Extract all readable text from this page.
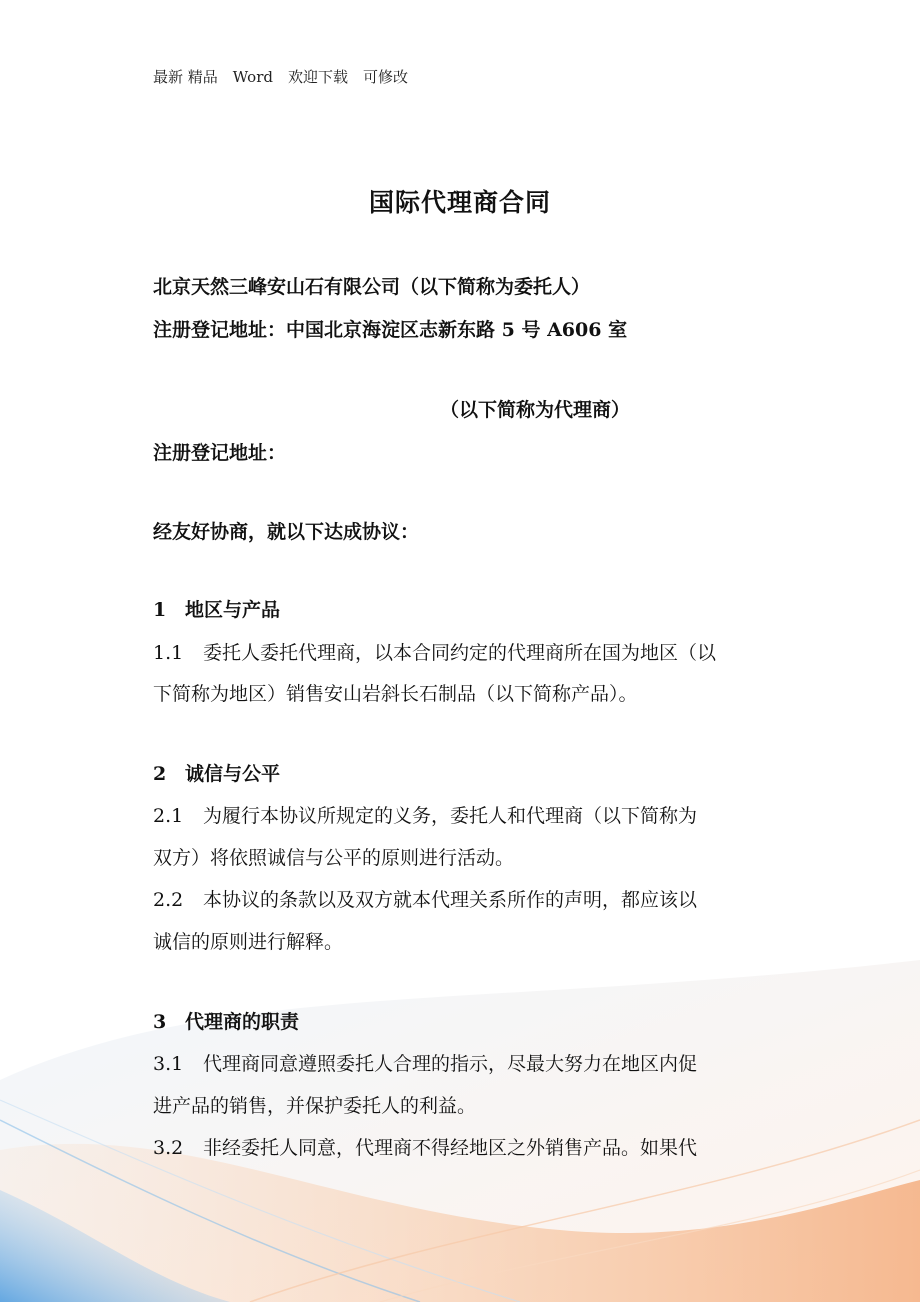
最新 精品　Word　欢迎下载　可修改
国际代理商合同
北京天然三峰安山石有限公司（以下简称为委托人）
注册登记地址：中国北京海淀区志新东路 5 号 A606 室
（以下简称为代理商）
注册登记地址：
经友好协商，就以下达成协议：
1 地区与产品
1.1 委托人委托代理商，以本合同约定的代理商所在国为地区（以
下简称为地区）销售安山岩斜长石制品（以下简称产品）。
2 诚信与公平
2.1 为履行本协议所规定的义务，委托人和代理商（以下简称为
双方）将依照诚信与公平的原则进行活动。
2.2 本协议的条款以及双方就本代理关系所作的声明，都应该以
诚信的原则进行解释。
3 代理商的职责
3.1 代理商同意遵照委托人合理的指示，尽最大努力在地区内促
进产品的销售，并保护委托人的利益。
3.2 非经委托人同意，代理商不得经地区之外销售产品。如果代
